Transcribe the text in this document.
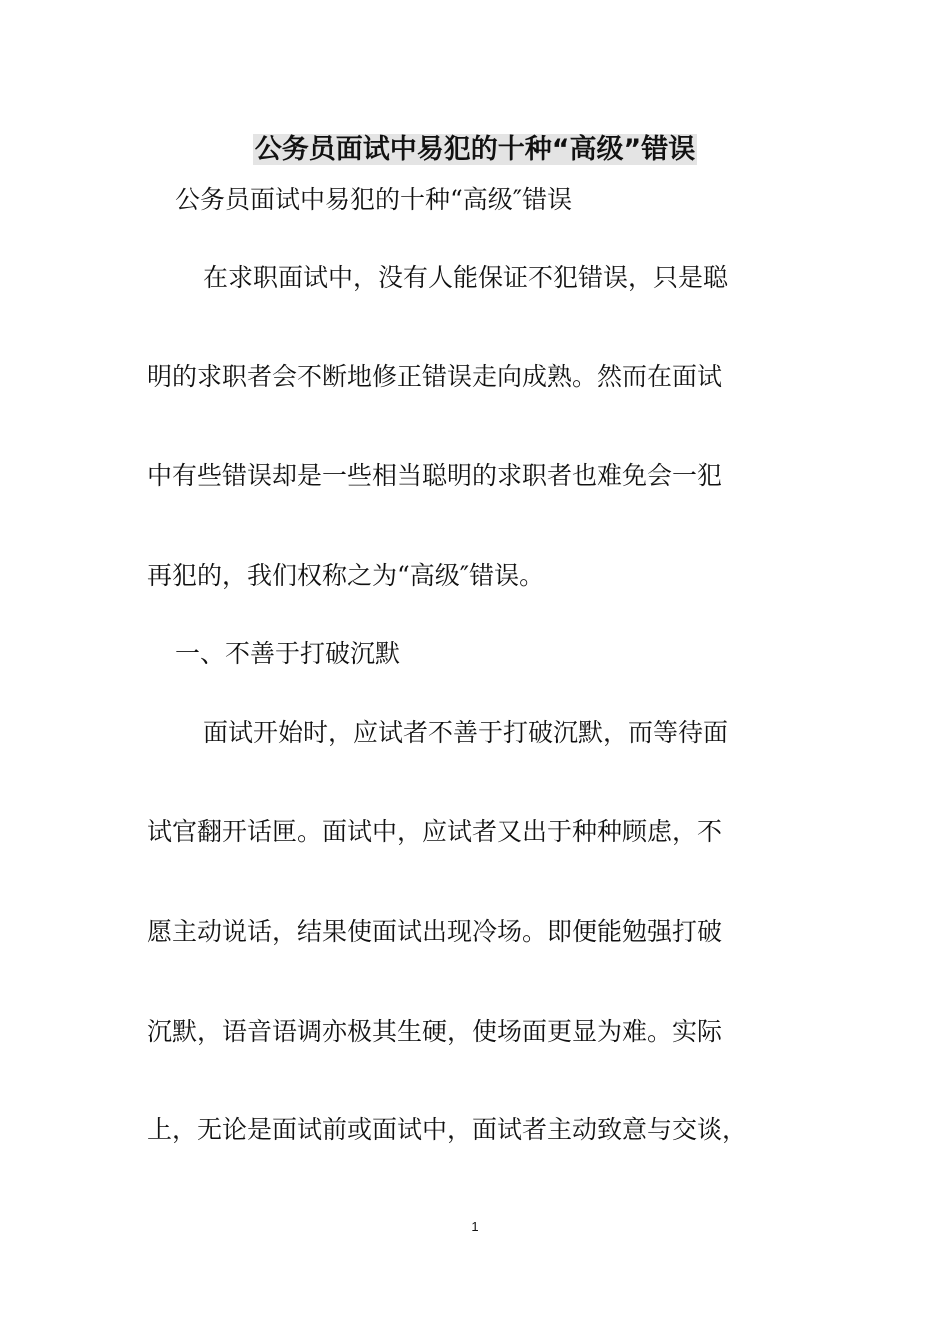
公务员面试中易犯的十种“高级”错误

公务员面试中易犯的十种“高级″错误

在求职面试中，没有人能保证不犯错误，只是聪

明的求职者会不断地修正错误走向成熟。然而在面试

中有些错误却是一些相当聪明的求职者也难免会一犯

再犯的，我们权称之为“高级″错误。

一、不善于打破沉默

面试开始时，应试者不善于打破沉默，而等待面

试官翻开话匣。面试中，应试者又出于种种顾虑，不

愿主动说话，结果使面试出现冷场。即便能勉强打破

沉默，语音语调亦极其生硬，使场面更显为难。实际

上，无论是面试前或面试中，面试者主动致意与交谈，

1
